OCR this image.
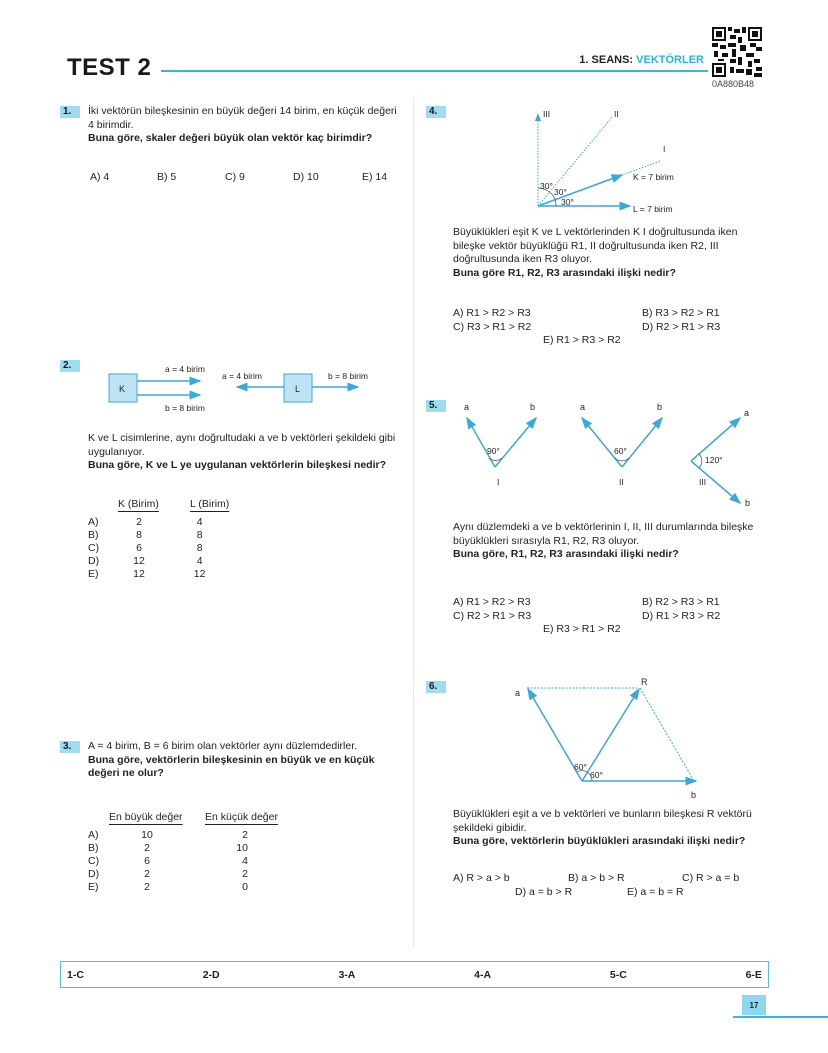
TEST 2	1. SEANS: VEKTÖRLER
0A880B48
1.	İki vektörün bileşkesinin en büyük değeri 14 birim, en küçük değeri 4 birimdir.
Buna göre, skaler değeri büyük olan vektör kaç birimdir?
A) 4	B) 5	C) 9	D) 10	E) 14
2.
K	L
a = 4 birim
b = 8 birim
a = 4 birim	b = 8 birim
K ve L cisimlerine, aynı doğrultudaki a ve b vektörleri şekildeki gibi uygulanıyor.
Buna göre, K ve L ye uygulanan vektörlerin bileşkesi nedir?
	K (Birim)	L (Birim)
A)	2	4
B)	8	8
C)	6	8
D)	12	4
E)	12	12
3.	A = 4 birim, B = 6 birim olan vektörler aynı düzlemdedirler.
Buna göre, vektörlerin bileşkesinin en büyük ve en küçük değeri ne olur?
	En büyük değer	En küçük değer
A)	10	2
B)	2	10
C)	6	4
D)	2	2
E)	2	0
4.	III	II
I
30°
30°
30°
K = 7 birim
L = 7 birim
Büyüklükleri eşit K ve L vektörlerinden K I doğrultusunda iken bileşke vektör büyüklüğü R1, II doğrultusunda iken R2, III doğrultusunda iken R3 oluyor.
Buna göre R1, R2, R3 arasındaki ilişki nedir?
A) R1 > R2 > R3	B) R3 > R2 > R1
C) R3 > R1 > R2	D) R2 > R1 > R3
E) R1 > R3 > R2
5.	a	b
90°
I
a	b
60°
II
a
120°
III
b
Aynı düzlemdeki a ve b vektörlerinin I, II, III durumlarında bileşke büyüklükleri sırasıyla R1, R2, R3 oluyor.
Buna göre, R1, R2, R3 arasındaki ilişki nedir?
A) R1 > R2 > R3	B) R2 > R3 > R1
C) R2 > R1 > R3	D) R1 > R3 > R2
E) R3 > R1 > R2
6.
a
R
b
60°
60°
Büyüklükleri eşit a ve b vektörleri ve bunların bileşkesi R vektörü şekildeki gibidir.
Buna göre, vektörlerin büyüklükleri arasındaki ilişki nedir?
A) R > a > b	B) a > b > R	C) R > a = b
D) a = b > R	E) a = b = R
1-C	2-D	3-A	4-A	5-C	6-E
17
